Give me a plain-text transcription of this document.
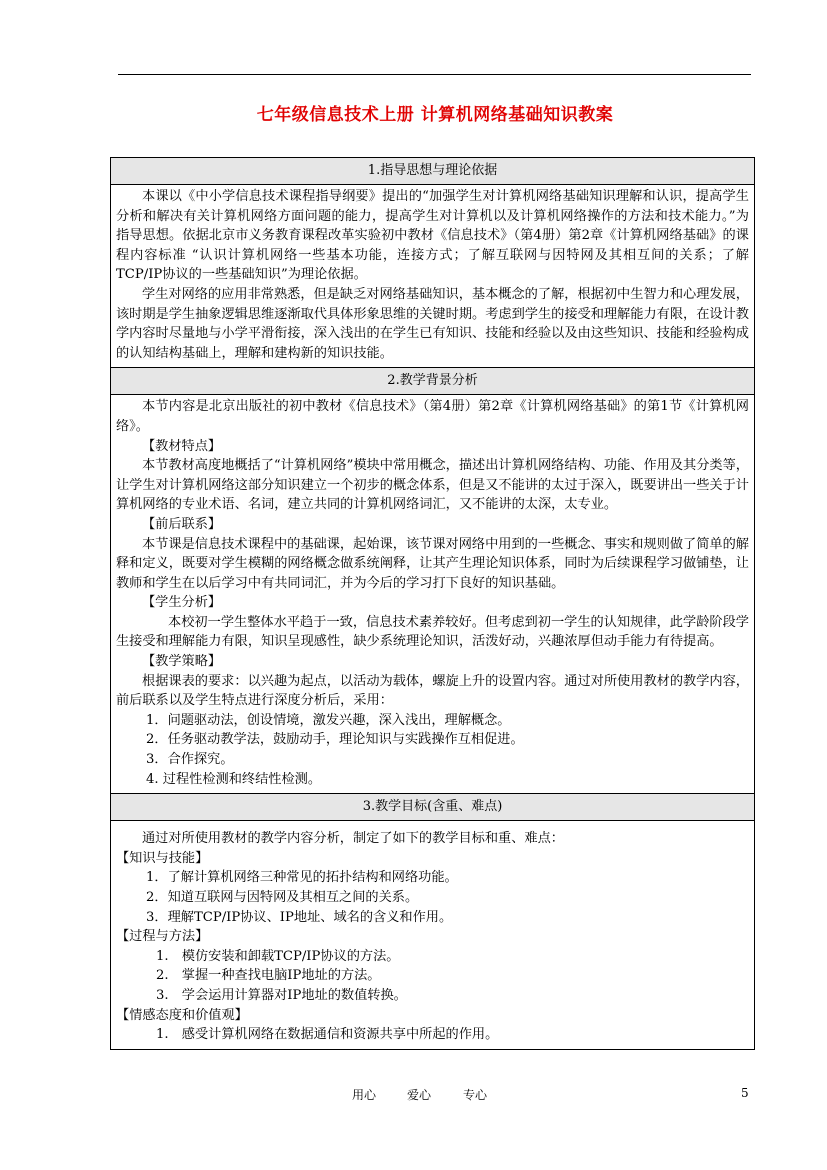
七年级信息技术上册 计算机网络基础知识教案
1.指导思想与理论依据
本课以《中小学信息技术课程指导纲要》提出的“加强学生对计算机网络基础知识理解和认识，提高学生分析和解决有关计算机网络方面问题的能力，提高学生对计算机以及计算机网络操作的方法和技术能力。”为指导思想。依据北京市义务教育课程改革实验初中教材《信息技术》（第4册）第2章《计算机网络基础》的课程内容标准 “认识计算机网络一些基本功能，连接方式；了解互联网与因特网及其相互间的关系；了解TCP/IP协议的一些基础知识”为理论依据。
学生对网络的应用非常熟悉，但是缺乏对网络基础知识，基本概念的了解，根据初中生智力和心理发展，该时期是学生抽象逻辑思维逐渐取代具体形象思维的关键时期。考虑到学生的接受和理解能力有限，在设计教学内容时尽量地与小学平滑衔接，深入浅出的在学生已有知识、技能和经验以及由这些知识、技能和经验构成的认知结构基础上，理解和建构新的知识技能。
2.教学背景分析
本节内容是北京出版社的初中教材《信息技术》（第4册）第2章《计算机网络基础》的第1节《计算机网络》。
【教材特点】
本节教材高度地概括了“计算机网络”模块中常用概念，描述出计算机网络结构、功能、作用及其分类等，让学生对计算机网络这部分知识建立一个初步的概念体系，但是又不能讲的太过于深入，既要讲出一些关于计算机网络的专业术语、名词，建立共同的计算机网络词汇，又不能讲的太深，太专业。
【前后联系】
本节课是信息技术课程中的基础课，起始课，该节课对网络中用到的一些概念、事实和规则做了简单的解释和定义，既要对学生模糊的网络概念做系统阐释，让其产生理论知识体系，同时为后续课程学习做铺垫，让教师和学生在以后学习中有共同词汇，并为今后的学习打下良好的知识基础。
【学生分析】
本校初一学生整体水平趋于一致，信息技术素养较好。但考虑到初一学生的认知规律，此学龄阶段学生接受和理解能力有限，知识呈现感性，缺少系统理论知识，活泼好动，兴趣浓厚但动手能力有待提高。
【教学策略】
根据课表的要求：以兴趣为起点，以活动为载体，螺旋上升的设置内容。通过对所使用教材的教学内容，前后联系以及学生特点进行深度分析后，采用：
1．问题驱动法，创设情境，激发兴趣，深入浅出，理解概念。
2．任务驱动教学法，鼓励动手，理论知识与实践操作互相促进。
3．合作探究。
4. 过程性检测和终结性检测。
3.教学目标(含重、难点)
通过对所使用教材的教学内容分析，制定了如下的教学目标和重、难点：
【知识与技能】
1．了解计算机网络三种常见的拓扑结构和网络功能。
2．知道互联网与因特网及其相互之间的关系。
3．理解TCP/IP协议、IP地址、域名的含义和作用。
【过程与方法】
1.　模仿安装和卸载TCP/IP协议的方法。
2.　掌握一种查找电脑IP地址的方法。
3.　学会运用计算器对IP地址的数值转换。
【情感态度和价值观】
1.　感受计算机网络在数据通信和资源共享中所起的作用。
用心	爱心	专心	5
